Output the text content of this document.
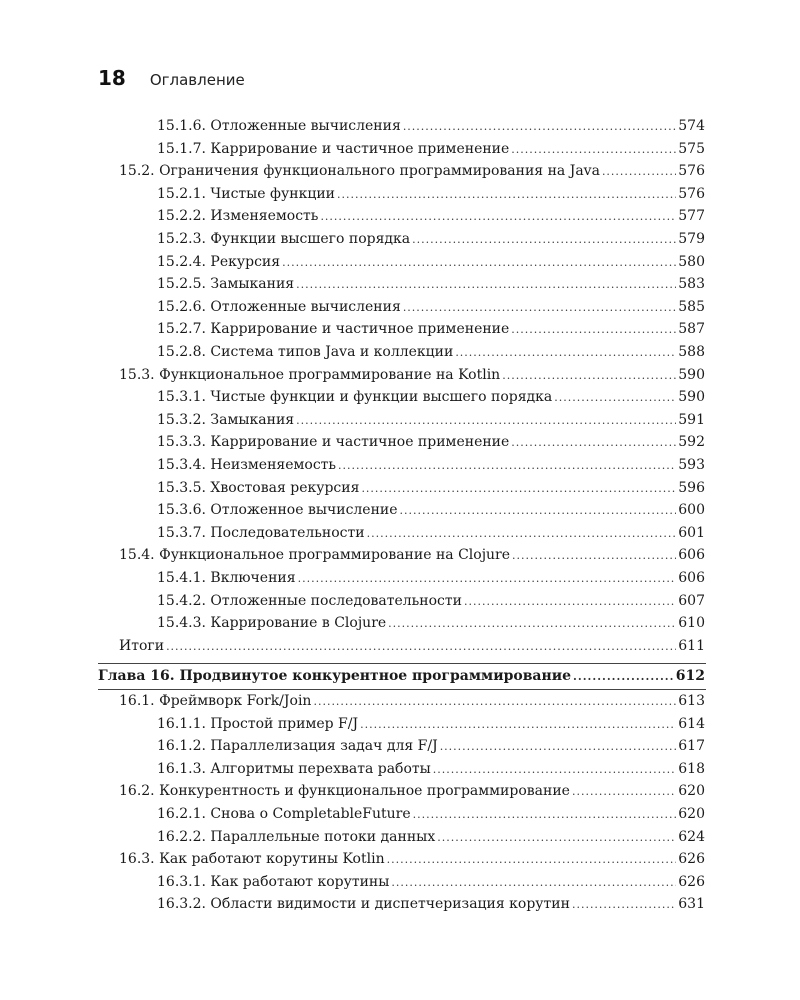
18 Оглавление
15.1.6. Отложенные вычисления .....	574
15.1.7. Каррирование и частичное применение .....	575
15.2. Ограничения функционального программирования на Java .....	576
15.2.1. Чистые функции .....	576
15.2.2. Изменяемость .....	577
15.2.3. Функции высшего порядка .....	579
15.2.4. Рекурсия .....	580
15.2.5. Замыкания .....	583
15.2.6. Отложенные вычисления .....	585
15.2.7. Каррирование и частичное применение .....	587
15.2.8. Система типов Java и коллекции .....	588
15.3. Функциональное программирование на Kotlin .....	590
15.3.1. Чистые функции и функции высшего порядка .....	590
15.3.2. Замыкания .....	591
15.3.3. Каррирование и частичное применение .....	592
15.3.4. Неизменяемость .....	593
15.3.5. Хвостовая рекурсия .....	596
15.3.6. Отложенное вычисление .....	600
15.3.7. Последовательности .....	601
15.4. Функциональное программирование на Clojure .....	606
15.4.1. Включения .....	606
15.4.2. Отложенные последовательности .....	607
15.4.3. Каррирование в Clojure .....	610
Итоги .....	611
Глава 16. Продвинутое конкурентное программирование .....	612
16.1. Фреймворк Fork/Join .....	613
16.1.1. Простой пример F/J .....	614
16.1.2. Параллелизация задач для F/J .....	617
16.1.3. Алгоритмы перехвата работы .....	618
16.2. Конкурентность и функциональное программирование .....	620
16.2.1. Снова о CompletableFuture .....	620
16.2.2. Параллельные потоки данных .....	624
16.3. Как работают корутины Kotlin .....	626
16.3.1. Как работают корутины .....	626
16.3.2. Области видимости и диспетчеризация корутин .....	631
